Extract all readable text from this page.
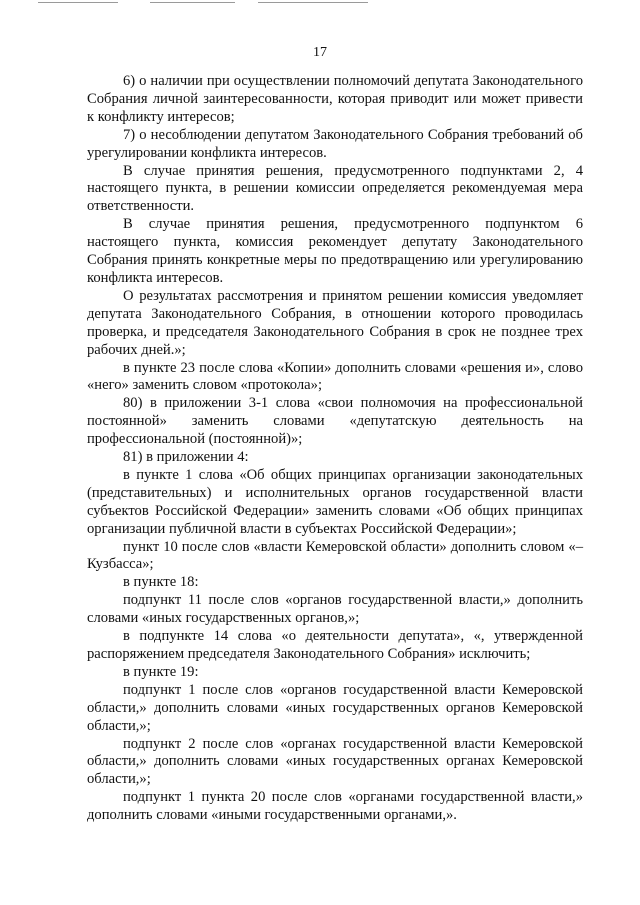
17

6) о наличии при осуществлении полномочий депутата Законодательного Собрания личной заинтересованности, которая приводит или может привести к конфликту интересов;

7) о несоблюдении депутатом Законодательного Собрания требований об урегулировании конфликта интересов.

В случае принятия решения, предусмотренного подпунктами 2, 4 настоящего пункта, в решении комиссии определяется рекомендуемая мера ответственности.

В случае принятия решения, предусмотренного подпунктом 6 настоящего пункта, комиссия рекомендует депутату Законодательного Собрания принять конкретные меры по предотвращению или урегулированию конфликта интересов.

О результатах рассмотрения и принятом решении комиссия уведомляет депутата Законодательного Собрания, в отношении которого проводилась проверка, и председателя Законодательного Собрания в срок не позднее трех рабочих дней.»;

в пункте 23 после слова «Копии» дополнить словами «решения и», слово «него» заменить словом «протокола»;

80) в приложении 3-1 слова «свои полномочия на профессиональной постоянной» заменить словами «депутатскую деятельность на профессиональной (постоянной)»;

81) в приложении 4:

в пункте 1 слова «Об общих принципах организации законодательных (представительных) и исполнительных органов государственной власти субъектов Российской Федерации» заменить словами «Об общих принципах организации публичной власти в субъектах Российской Федерации»;

пункт 10 после слов «власти Кемеровской области» дополнить словом «– Кузбасса»;

в пункте 18:

подпункт 11 после слов «органов государственной власти,» дополнить словами «иных государственных органов,»;

в подпункте 14 слова «о деятельности депутата», «, утвержденной распоряжением председателя Законодательного Собрания» исключить;

в пункте 19:

подпункт 1 после слов «органов государственной власти Кемеровской области,» дополнить словами «иных государственных органов Кемеровской области,»;

подпункт 2 после слов «органах государственной власти Кемеровской области,» дополнить словами «иных государственных органах Кемеровской области,»;

подпункт 1 пункта 20 после слов «органами государственной власти,» дополнить словами «иными государственными органами,».
